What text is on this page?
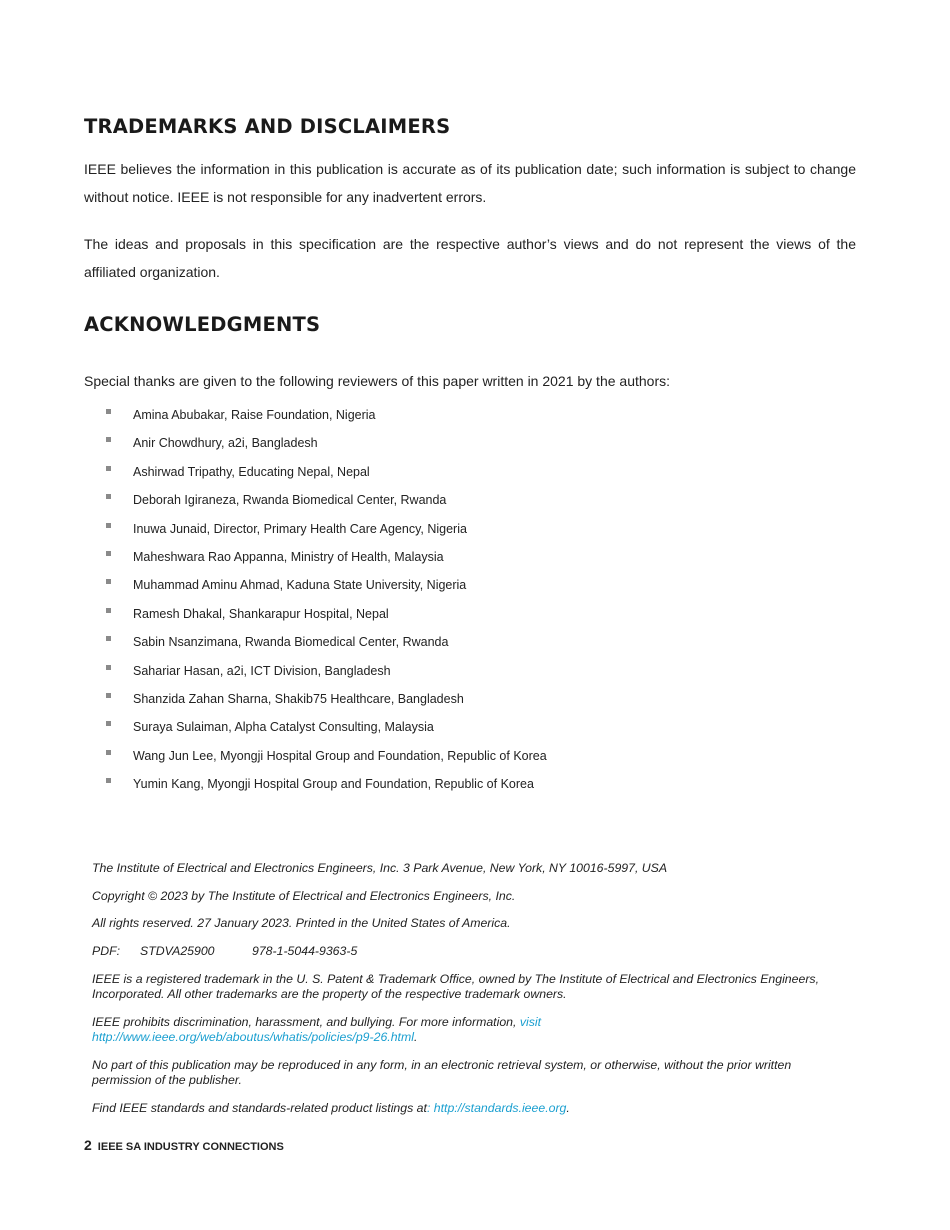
TRADEMARKS AND DISCLAIMERS

IEEE believes the information in this publication is accurate as of its publication date; such information is subject to change without notice. IEEE is not responsible for any inadvertent errors.

The ideas and proposals in this specification are the respective author’s views and do not represent the views of the affiliated organization.

ACKNOWLEDGMENTS

Special thanks are given to the following reviewers of this paper written in 2021 by the authors:

Amina Abubakar, Raise Foundation, Nigeria
Anir Chowdhury, a2i, Bangladesh
Ashirwad Tripathy, Educating Nepal, Nepal
Deborah Igiraneza, Rwanda Biomedical Center, Rwanda
Inuwa Junaid, Director, Primary Health Care Agency, Nigeria
Maheshwara Rao Appanna, Ministry of Health, Malaysia
Muhammad Aminu Ahmad, Kaduna State University, Nigeria
Ramesh Dhakal, Shankarapur Hospital, Nepal
Sabin Nsanzimana, Rwanda Biomedical Center, Rwanda
Sahariar Hasan, a2i, ICT Division, Bangladesh
Shanzida Zahan Sharna, Shakib75 Healthcare, Bangladesh
Suraya Sulaiman, Alpha Catalyst Consulting, Malaysia
Wang Jun Lee, Myongji Hospital Group and Foundation, Republic of Korea
Yumin Kang, Myongji Hospital Group and Foundation, Republic of Korea
The Institute of Electrical and Electronics Engineers, Inc. 3 Park Avenue, New York, NY 10016-5997, USA
Copyright © 2023 by The Institute of Electrical and Electronics Engineers, Inc.
All rights reserved. 27 January 2023. Printed in the United States of America.
PDF: STDVA25900	978-1-5044-9363-5
IEEE is a registered trademark in the U. S. Patent & Trademark Office, owned by The Institute of Electrical and Electronics Engineers, Incorporated. All other trademarks are the property of the respective trademark owners.
IEEE prohibits discrimination, harassment, and bullying. For more information, visit http://www.ieee.org/web/aboutus/whatis/policies/p9-26.html.
No part of this publication may be reproduced in any form, in an electronic retrieval system, or otherwise, without the prior written permission of the publisher.
Find IEEE standards and standards-related product listings at: http://standards.ieee.org.
2 IEEE SA INDUSTRY CONNECTIONS
